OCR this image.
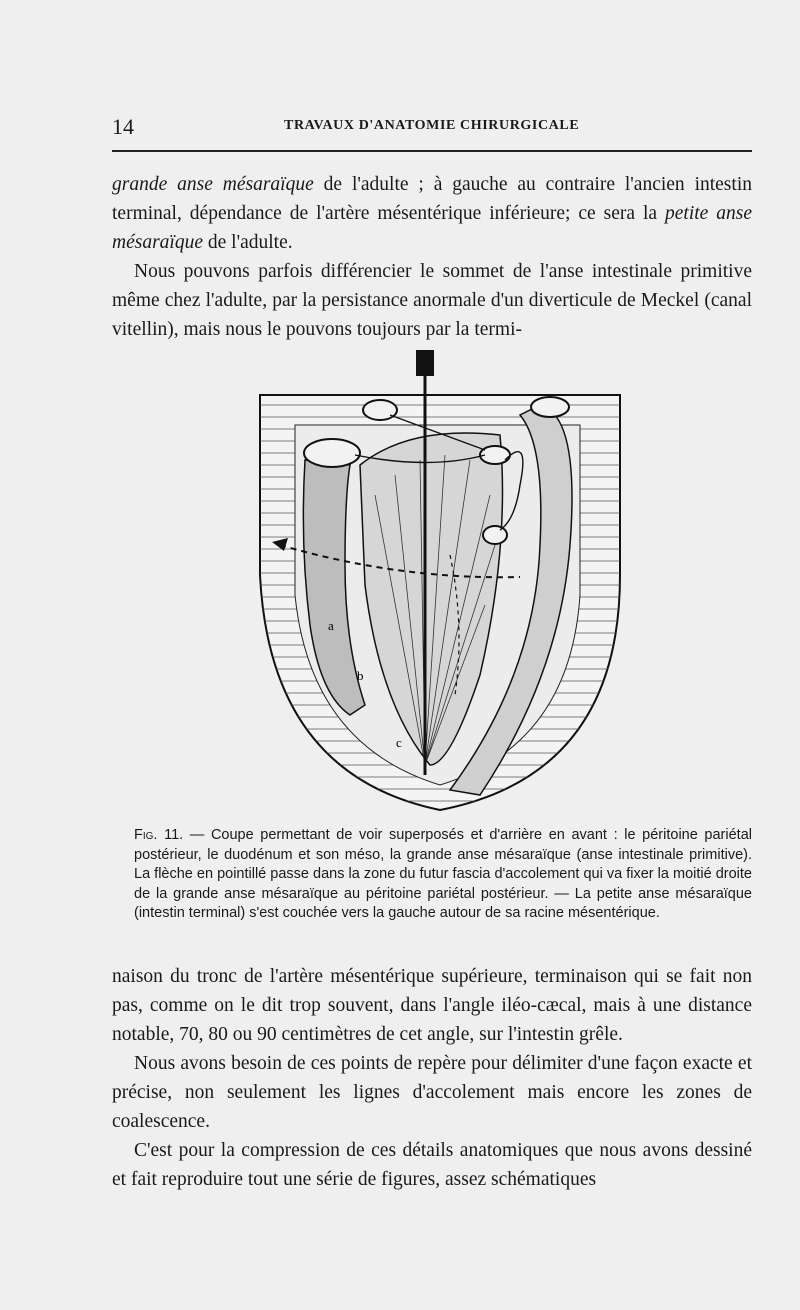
14	TRAVAUX D'ANATOMIE CHIRURGICALE

grande anse mésaraïque de l'adulte ; à gauche au contraire l'ancien intestin terminal, dépendance de l'artère mésentérique inférieure; ce sera la petite anse mésaraïque de l'adulte.

Nous pouvons parfois différencier le sommet de l'anse intestinale primitive même chez l'adulte, par la persistance anormale d'un diverticule de Meckel (canal vitellin), mais nous le pouvons toujours par la termi-

a
b
c
Fig. 11. — Coupe permettant de voir superposés et d'arrière en avant : le péritoine pariétal postérieur, le duodénum et son méso, la grande anse mésaraïque (anse intestinale primitive). La flèche en pointillé passe dans la zone du futur fascia d'accolement qui va fixer la moitié droite de la grande anse mésaraïque au péritoine pariétal postérieur. — La petite anse mésaraïque (intestin terminal) s'est couchée vers la gauche autour de sa racine mésentérique.

naison du tronc de l'artère mésentérique supérieure, terminaison qui se fait non pas, comme on le dit trop souvent, dans l'angle iléo-cæcal, mais à une distance notable, 70, 80 ou 90 centimètres de cet angle, sur l'intestin grêle.

Nous avons besoin de ces points de repère pour délimiter d'une façon exacte et précise, non seulement les lignes d'accolement mais encore les zones de coalescence.

C'est pour la compression de ces détails anatomiques que nous avons dessiné et fait reproduire tout une série de figures, assez schématiques
